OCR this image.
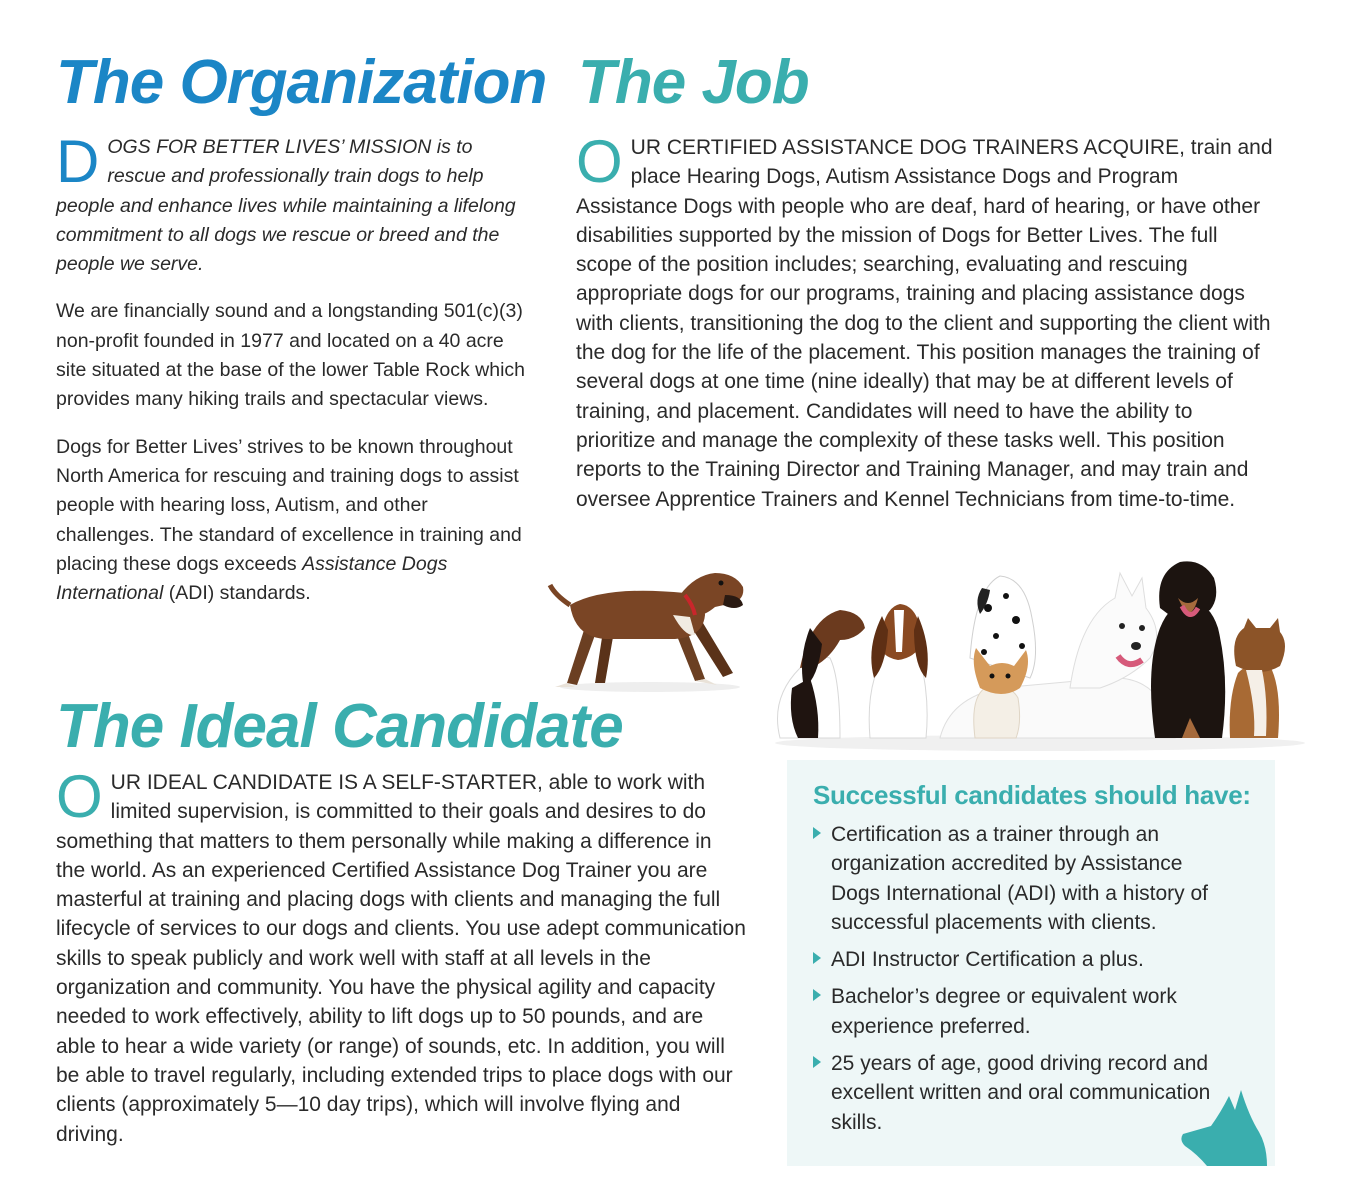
The Organization

DOGS FOR BETTER LIVES’ MISSION is to rescue and professionally train dogs to help people and enhance lives while maintaining a lifelong commitment to all dogs we rescue or breed and the people we serve.

We are financially sound and a longstanding 501(c)(3) non-profit founded in 1977 and located on a 40 acre site situated at the base of the lower Table Rock which provides many hiking trails and spectacular views.

Dogs for Better Lives’ strives to be known throughout North America for rescuing and training dogs to assist people with hearing loss, Autism, and other challenges. The standard of excellence in training and placing these dogs exceeds Assistance Dogs International (ADI) standards.

The Job

OUR CERTIFIED ASSISTANCE DOG TRAINERS ACQUIRE, train and place Hearing Dogs, Autism Assistance Dogs and Program Assistance Dogs with people who are deaf, hard of hearing, or have other disabilities supported by the mission of Dogs for Better Lives. The full scope of the position includes; searching, evaluating and rescuing appropriate dogs for our programs, training and placing assistance dogs with clients, transitioning the dog to the client and supporting the client with the dog for the life of the placement. This position manages the training of several dogs at one time (nine ideally) that may be at different levels of training, and placement. Candidates will need to have the ability to prioritize and manage the complexity of these tasks well. This position reports to the Training Director and Training Manager, and may train and oversee Apprentice Trainers and Kennel Technicians from time-to-time.

The Ideal Candidate

OUR IDEAL CANDIDATE IS A SELF-STARTER, able to work with limited supervision, is committed to their goals and desires to do something that matters to them personally while making a difference in the world. As an experienced Certified Assistance Dog Trainer you are masterful at training and placing dogs with clients and managing the full lifecycle of services to our dogs and clients. You use adept communication skills to speak publicly and work well with staff at all levels in the organization and community. You have the physical agility and capacity needed to work effectively, ability to lift dogs up to 50 pounds, and are able to hear a wide variety (or range) of sounds, etc. In addition, you will be able to travel regularly, including extended trips to place dogs with our clients (approximately 5—10 day trips), which will involve flying and driving.

Successful candidates should have:
Certification as a trainer through an organization accredited by Assistance Dogs International (ADI) with a history of successful placements with clients.
ADI Instructor Certification a plus.
Bachelor’s degree or equivalent work experience preferred.
25 years of age, good driving record and excellent written and oral communication skills.
